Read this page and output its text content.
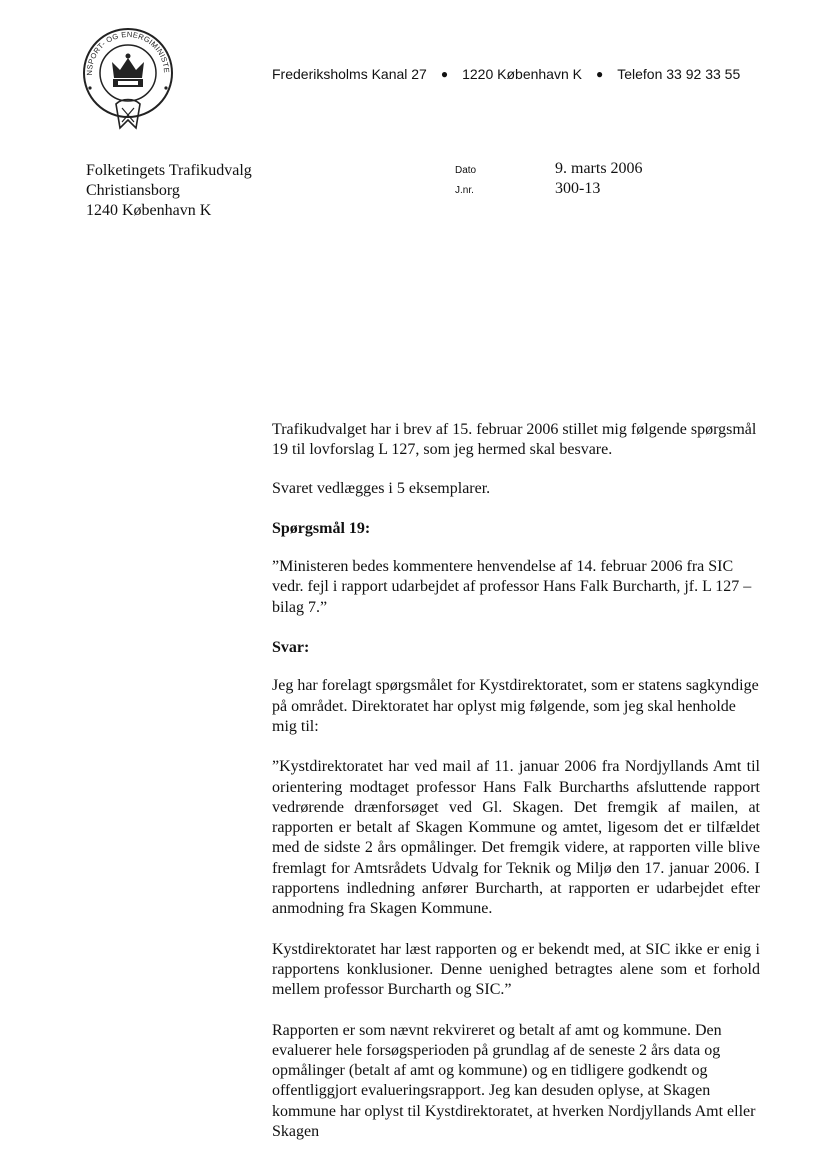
NSPORT- OG ENERGIMINISTE	Frederiksholms Kanal 27 ● 1220 København K ● Telefon 33 92 33 55
Folketingets Trafikudvalg
Christiansborg
1240 København K
Dato	9. marts 2006
J.nr.	300-13

Trafikudvalget har i brev af 15. februar 2006 stillet mig følgende spørgsmål 19 til lovforslag L 127, som jeg hermed skal besvare.

Svaret vedlægges i 5 eksemplarer.

Spørgsmål 19:

”Ministeren bedes kommentere henvendelse af 14. februar 2006 fra SIC vedr. fejl i rapport udarbejdet af professor Hans Falk Burcharth, jf. L 127 – bilag 7.”

Svar:

Jeg har forelagt spørgsmålet for Kystdirektoratet, som er statens sagkyndige på området. Direktoratet har oplyst mig følgende, som jeg skal henholde mig til:

”Kystdirektoratet har ved mail af 11. januar 2006 fra Nordjyllands Amt til orientering modtaget professor Hans Falk Burcharths afsluttende rapport vedrørende drænforsøget ved Gl. Skagen. Det fremgik af mailen, at rapporten er betalt af Skagen Kommune og amtet, ligesom det er tilfældet med de sidste 2 års opmålinger. Det fremgik videre, at rapporten ville blive fremlagt for Amtsrådets Udvalg for Teknik og Miljø den 17. januar 2006. I rapportens indledning anfører Burcharth, at rapporten er udarbejdet efter anmodning fra Skagen Kommune.

Kystdirektoratet har læst rapporten og er bekendt med, at SIC ikke er enig i rapportens konklusioner. Denne uenighed betragtes alene som et forhold mellem professor Burcharth og SIC.”

Rapporten er som nævnt rekvireret og betalt af amt og kommune. Den evaluerer hele forsøgsperioden på grundlag af de seneste 2 års data og opmålinger (betalt af amt og kommune) og en tidligere godkendt og offentliggjort evalueringsrapport. Jeg kan desuden oplyse, at Skagen kommune har oplyst til Kystdirektoratet, at hverken Nordjyllands Amt eller Skagen
